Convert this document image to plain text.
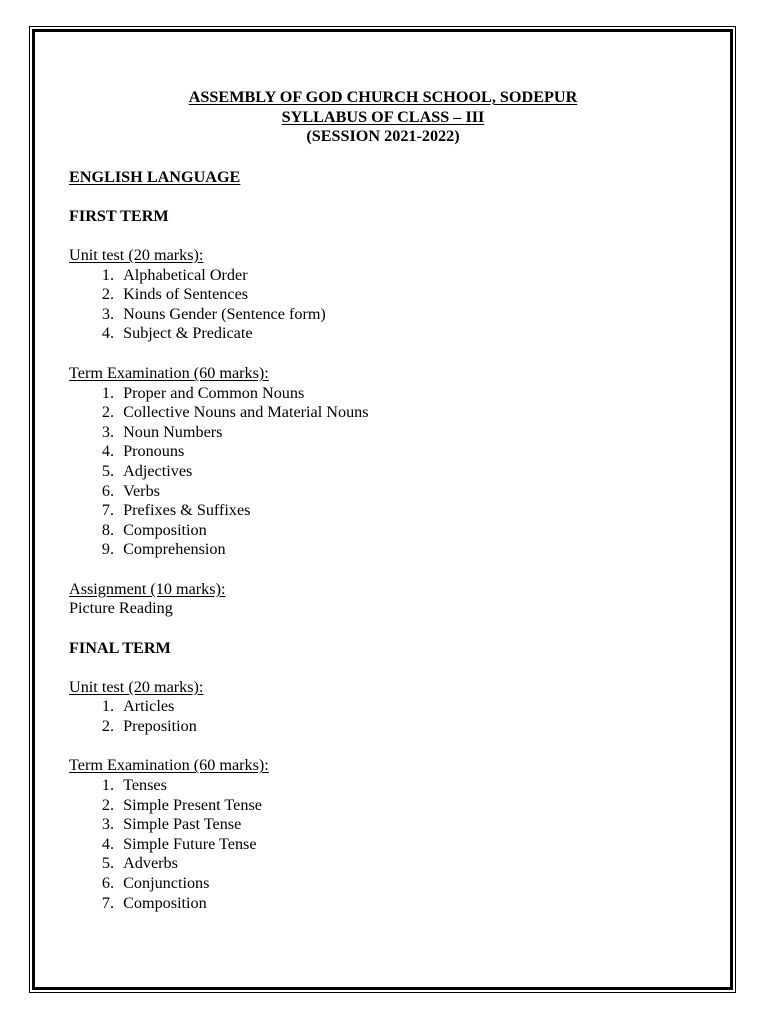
ASSEMBLY OF GOD CHURCH SCHOOL, SODEPUR
SYLLABUS OF CLASS – III
(SESSION 2021-2022)
ENGLISH LANGUAGE
FIRST TERM
Unit test (20 marks):
1.
Alphabetical Order
2.
Kinds of Sentences
3.
Nouns Gender (Sentence form)
4.
Subject & Predicate
Term Examination (60 marks):
1.
Proper and Common Nouns
2.
Collective Nouns and Material Nouns
3.
Noun Numbers
4.
Pronouns
5.
Adjectives
6.
Verbs
7.
Prefixes & Suffixes
8.
Composition
9.
Comprehension
Assignment (10 marks):
Picture Reading
FINAL TERM
Unit test (20 marks):
1.
Articles
2.
Preposition
Term Examination (60 marks):
1.
Tenses
2.
Simple Present Tense
3.
Simple Past Tense
4.
Simple Future Tense
5.
Adverbs
6.
Conjunctions
7.
Composition
